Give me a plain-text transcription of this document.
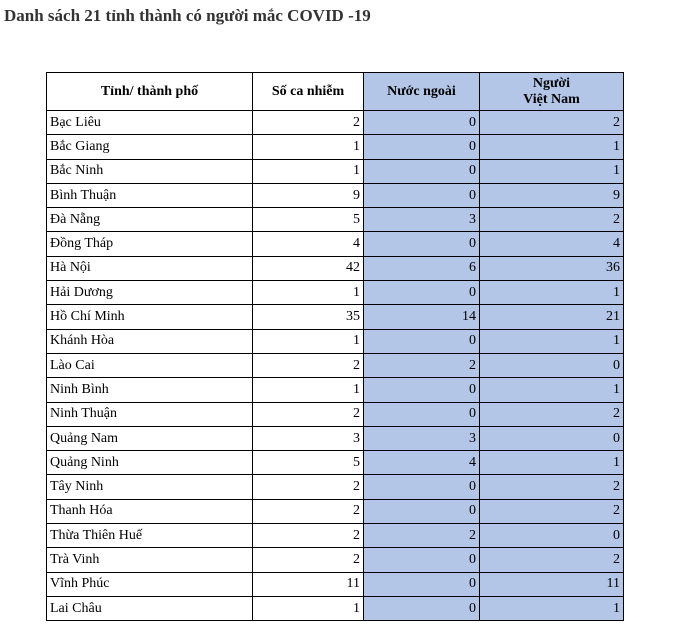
Danh sách 21 tỉnh thành có người mắc COVID -19
Tỉnh/ thành phố	Số ca nhiễm	Nước ngoài	Người
Việt Nam
Bạc Liêu	2	0	2
Bắc Giang	1	0	1
Bắc Ninh	1	0	1
Bình Thuận	9	0	9
Đà Nẵng	5	3	2
Đồng Tháp	4	0	4
Hà Nội	42	6	36
Hải Dương	1	0	1
Hồ Chí Minh	35	14	21
Khánh Hòa	1	0	1
Lào Cai	2	2	0
Ninh Bình	1	0	1
Ninh Thuận	2	0	2
Quảng Nam	3	3	0
Quảng Ninh	5	4	1
Tây Ninh	2	0	2
Thanh Hóa	2	0	2
Thừa Thiên Huế	2	2	0
Trà Vinh	2	0	2
Vĩnh Phúc	11	0	11
Lai Châu	1	0	1
